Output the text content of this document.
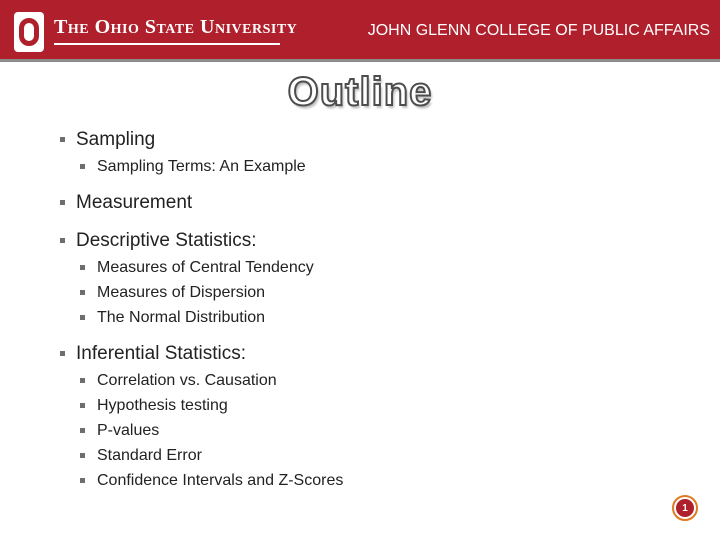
The Ohio State University	JOHN GLENN COLLEGE OF PUBLIC AFFAIRS
Outline
Sampling
Sampling Terms: An Example
Measurement
Descriptive Statistics:
Measures of Central Tendency
Measures of Dispersion
The Normal Distribution
Inferential Statistics:
Correlation vs. Causation
Hypothesis testing
P-values
Standard Error
Confidence Intervals and Z-Scores
1
